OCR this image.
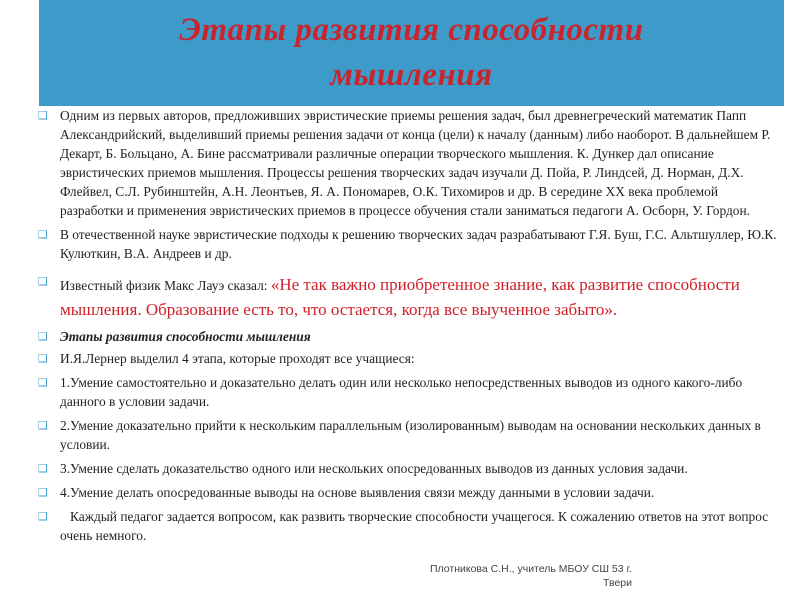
Этапы развития способности
мышления
❑ Одним из первых авторов, предложивших эвристические приемы решения задач, был древнегреческий математик Папп Александрийский, выделивший приемы решения задачи от конца (цели) к началу (данным) либо наоборот. В дальнейшем Р. Декарт, Б. Больцано, А. Бине рассматривали различные операции творческого мышления. К. Дункер дал описание эвристических приемов мышления. Процессы решения творческих задач изучали Д. Пойа, Р. Линдсей, Д. Норман, Д.Х. Флейвел, С.Л. Рубинштейн, А.Н. Леонтьев, Я. А. Пономарев, О.К. Тихомиров и др. В середине XX века проблемой разработки и применения эвристических приемов в процессе обучения стали заниматься педагоги А. Осборн, У. Гордон.
❑ В отечественной науке эвристические подходы к решению творческих задач разрабатывают Г.Я. Буш, Г.С. Альтшуллер, Ю.К. Кулюткин, В.А. Андреев и др.
❑ Известный физик Макс Лауэ сказал: «Не так важно приобретенное знание, как развитие способности мышления. Образование есть то, что остается, когда все выученное забыто».
❑ Этапы развития способности мышления
❑ И.Я.Лернер выделил 4 этапа, которые проходят все учащиеся:
❑ 1.Умение самостоятельно и доказательно делать один или несколько непосредственных выводов из одного какого-либо данного в условии задачи.
❑ 2.Умение доказательно прийти к нескольким параллельным (изолированным) выводам на основании нескольких данных в условии.
❑ 3.Умение сделать доказательство одного или нескольких опосредованных выводов из данных условия задачи.
❑ 4.Умение делать опосредованные выводы на основе выявления связи между данными в условии задачи.
❑ Каждый педагог задается вопросом, как развить творческие способности учащегося. К сожалению ответов на этот вопрос очень немного.
Плотникова С.Н., учитель МБОУ СШ 53 г. Твери
